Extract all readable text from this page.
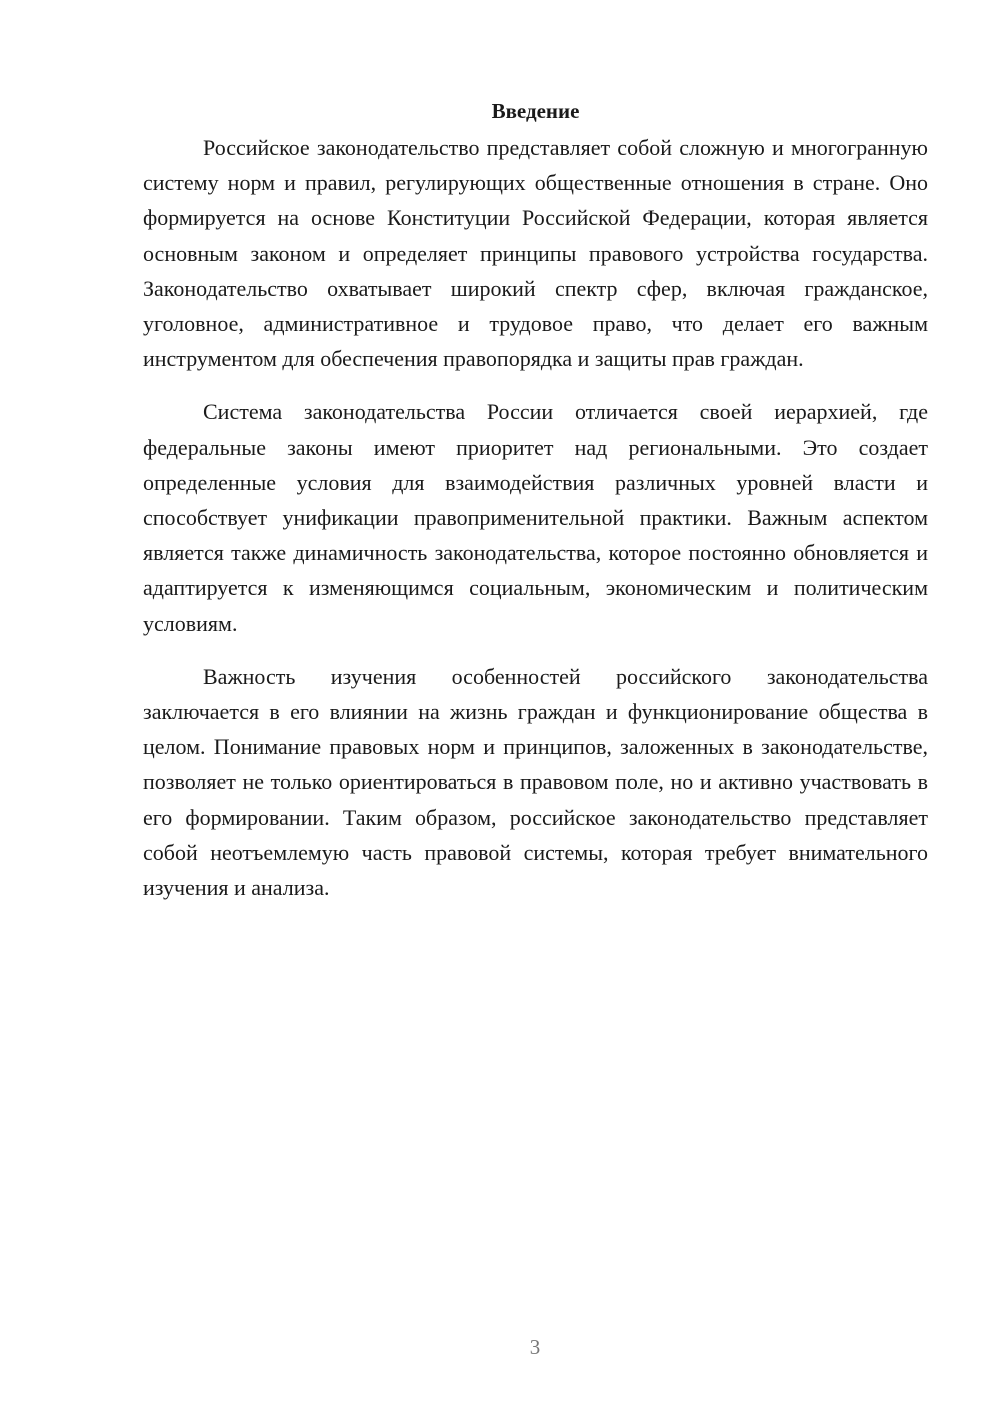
Введение

Российское законодательство представляет собой сложную и многогранную систему норм и правил, регулирующих общественные отношения в стране. Оно формируется на основе Конституции Российской Федерации, которая является основным законом и определяет принципы правового устройства государства. Законодательство охватывает широкий спектр сфер, включая гражданское, уголовное, административное и трудовое право, что делает его важным инструментом для обеспечения правопорядка и защиты прав граждан.

Система законодательства России отличается своей иерархией, где федеральные законы имеют приоритет над региональными. Это создает определенные условия для взаимодействия различных уровней власти и способствует унификации правоприменительной практики. Важным аспектом является также динамичность законодательства, которое постоянно обновляется и адаптируется к изменяющимся социальным, экономическим и политическим условиям.

Важность изучения особенностей российского законодательства заключается в его влиянии на жизнь граждан и функционирование общества в целом. Понимание правовых норм и принципов, заложенных в законодательстве, позволяет не только ориентироваться в правовом поле, но и активно участвовать в его формировании. Таким образом, российское законодательство представляет собой неотъемлемую часть правовой системы, которая требует внимательного изучения и анализа.

3
